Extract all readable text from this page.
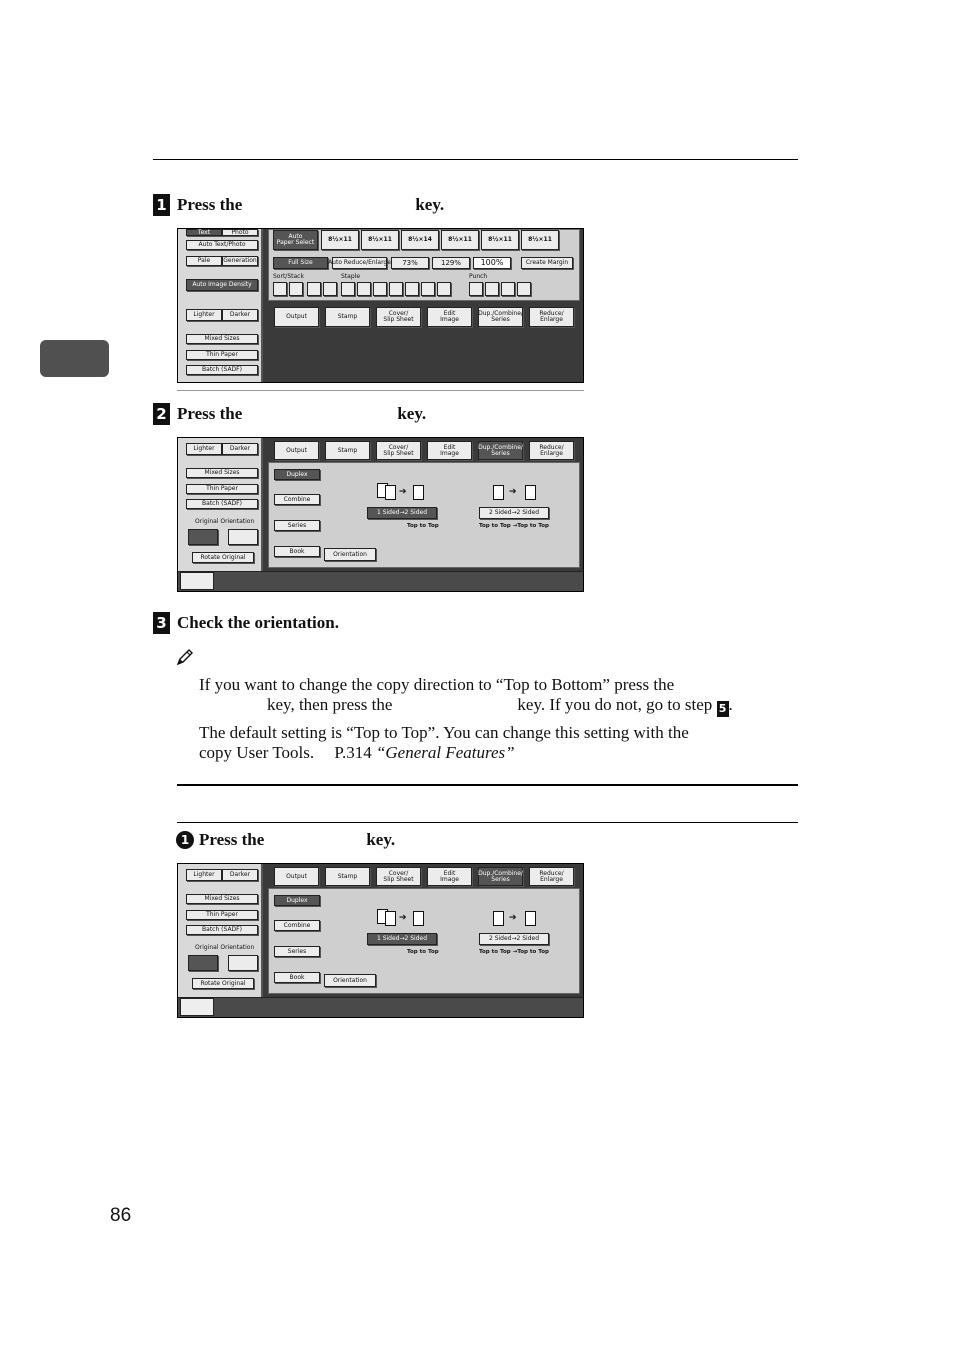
1 Press the	key.
Text	Photo
Auto Text/Photo
Pale	Generation
Auto Image Density
Lighter	Darker
Mixed Sizes
Thin Paper
Batch (SADF)
Auto
Paper Select	8½×11	8½×11	8½×14	8½×11	8½×11	8½×11
Full Size	Auto Reduce/Enlarge	73%	129%	100%	Create Margin
Sort/Stack	Staple	Punch
Output	Stamp	Cover/
Slip Sheet
Edit
Image
Dup./Combine/
Series
Reduce/
Enlarge
2 Press the	key.
Lighter	Darker
Mixed Sizes
Thin Paper
Batch (SADF)
Original Orientation
Rotate Original
Output	Stamp	Cover/
Slip Sheet
Edit
Image
Dup./Combine/
Series
Reduce/
Enlarge
Duplex
Combine
Series
Book
➔
1 Sided→2 Sided
Top to Top
➔
2 Sided→2 Sided
Top to Top →Top to Top
Orientation
3 Check the orientation.
If you want to change the copy direction to “Top to Bottom” press the
key, then press the	key. If you do not, go to step 5 .
The default setting is “Top to Top”. You can change this setting with the
copy User Tools. P.314 “General Features”
1 Press the	key.
Lighter	Darker
Mixed Sizes
Thin Paper
Batch (SADF)
Original Orientation
Rotate Original
Output	Stamp	Cover/
Slip Sheet
Edit
Image
Dup./Combine/
Series
Reduce/
Enlarge
Duplex
Combine
Series
Book
➔
1 Sided→2 Sided
Top to Top
➔
2 Sided→2 Sided
Top to Top →Top to Top
Orientation
86
